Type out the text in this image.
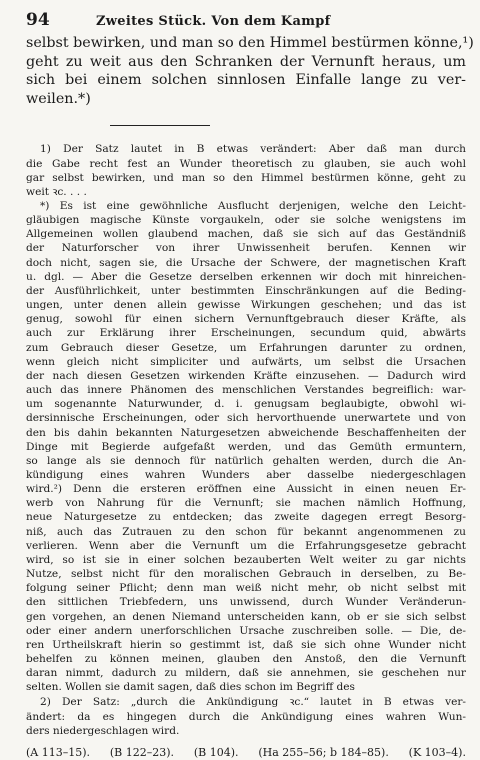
94	Zweites Stück. Von dem Kampf
selbst bewirken, und man so den Himmel bestürmen könne,¹)
geht zu weit aus den Schranken der Vernunft heraus, um
sich bei einem solchen sinnlosen Einfalle lange zu ver-
weilen.*)
1) Der Satz lautet in B etwas verändert: Aber daß man durch
die Gabe recht fest an Wunder theoretisch zu glauben, sie auch wohl
gar selbst bewirken, und man so den Himmel bestürmen könne, geht zu
weit ꝛc. . . .
*) Es ist eine gewöhnliche Ausflucht derjenigen, welche den Leicht-
gläubigen magische Künste vorgaukeln, oder sie solche wenigstens im
Allgemeinen wollen glaubend machen, daß sie sich auf das Geständniß
der Naturforscher von ihrer Unwissenheit berufen. Kennen wir
doch nicht, sagen sie, die Ursache der Schwere, der magnetischen Kraft
u. dgl. — Aber die Gesetze derselben erkennen wir doch mit hinreichen-
der Ausführlichkeit, unter bestimmten Einschränkungen auf die Beding-
ungen, unter denen allein gewisse Wirkungen geschehen; und das ist
genug, sowohl für einen sichern Vernunftgebrauch dieser Kräfte, als
auch zur Erklärung ihrer Erscheinungen, secundum quid, abwärts
zum Gebrauch dieser Gesetze, um Erfahrungen darunter zu ordnen,
wenn gleich nicht simpliciter und aufwärts, um selbst die Ursachen
der nach diesen Gesetzen wirkenden Kräfte einzusehen. — Dadurch wird
auch das innere Phänomen des menschlichen Verstandes begreiflich: war-
um sogenannte Naturwunder, d. i. genugsam beglaubigte, obwohl wi-
dersinnische Erscheinungen, oder sich hervorthuende unerwartete und von
den bis dahin bekannten Naturgesetzen abweichende Beschaffenheiten der
Dinge mit Begierde aufgefaßt werden, und das Gemüth ermuntern,
so lange als sie dennoch für natürlich gehalten werden, durch die An-
kündigung eines wahren Wunders aber dasselbe niedergeschlagen
wird.²) Denn die ersteren eröffnen eine Aussicht in einen neuen Er-
werb von Nahrung für die Vernunft; sie machen nämlich Hoffnung,
neue Naturgesetze zu entdecken; das zweite dagegen erregt Besorg-
niß, auch das Zutrauen zu den schon für bekannt angenommenen zu
verlieren. Wenn aber die Vernunft um die Erfahrungsgesetze gebracht
wird, so ist sie in einer solchen bezauberten Welt weiter zu gar nichts
Nutze, selbst nicht für den moralischen Gebrauch in derselben, zu Be-
folgung seiner Pflicht; denn man weiß nicht mehr, ob nicht selbst mit
den sittlichen Triebfedern, uns unwissend, durch Wunder Veränderun-
gen vorgehen, an denen Niemand unterscheiden kann, ob er sie sich selbst
oder einer andern unerforschlichen Ursache zuschreiben solle. — Die, de-
ren Urtheilskraft hierin so gestimmt ist, daß sie sich ohne Wunder nicht
behelfen zu können meinen, glauben den Anstoß, den die Vernunft
daran nimmt, dadurch zu mildern, daß sie annehmen, sie geschehen nur
selten. Wollen sie damit sagen, daß dies schon im Begriff des
2) Der Satz: „durch die Ankündigung ꝛc.“ lautet in B etwas ver-
ändert: da es hingegen durch die Ankündigung eines wahren Wun-
ders niedergeschlagen wird.
(A 113–15). (B 122–23). (B 104). (Ha 255–56; b 184–85). (K 103–4).
